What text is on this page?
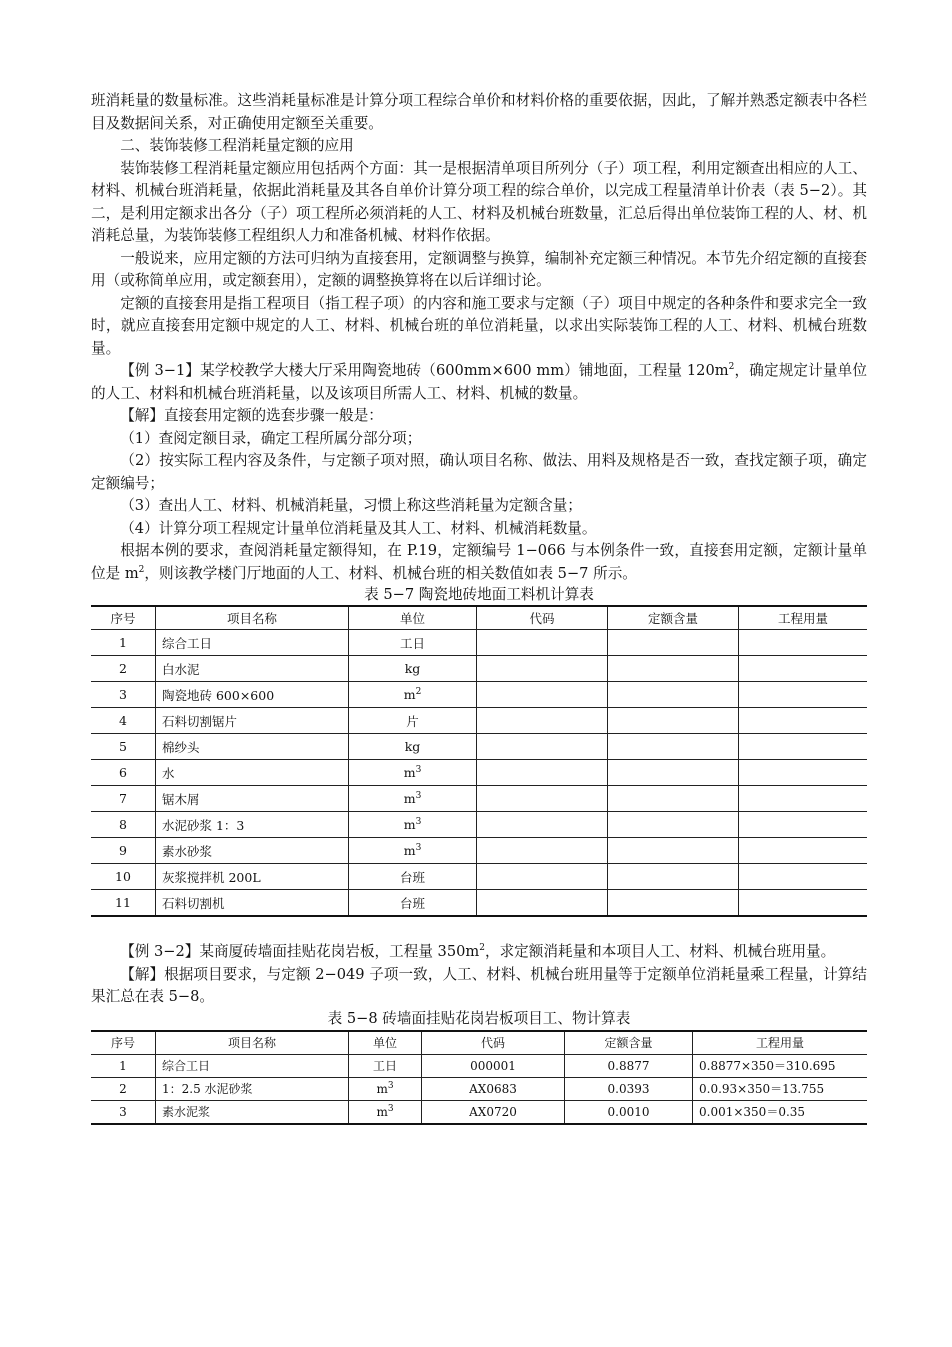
班消耗量的数量标准。这些消耗量标准是计算分项工程综合单价和材料价格的重要依据，因此，了解并熟悉定额表中各栏目及数据间关系，对正确使用定额至关重要。

二、装饰装修工程消耗量定额的应用

装饰装修工程消耗量定额应用包括两个方面：其一是根据清单项目所列分（子）项工程，利用定额查出相应的人工、材料、机械台班消耗量，依据此消耗量及其各自单价计算分项工程的综合单价，以完成工程量清单计价表（表 5−2）。其二，是利用定额求出各分（子）项工程所必须消耗的人工、材料及机械台班数量，汇总后得出单位装饰工程的人、材、机消耗总量，为装饰装修工程组织人力和准备机械、材料作依据。

一般说来，应用定额的方法可归纳为直接套用，定额调整与换算，编制补充定额三种情况。本节先介绍定额的直接套用（或称简单应用，或定额套用），定额的调整换算将在以后详细讨论。

定额的直接套用是指工程项目（指工程子项）的内容和施工要求与定额（子）项目中规定的各种条件和要求完全一致时，就应直接套用定额中规定的人工、材料、机械台班的单位消耗量，以求出实际装饰工程的人工、材料、机械台班数量。

【例 3−1】某学校教学大楼大厅采用陶瓷地砖（600mm×600 mm）铺地面，工程量 $120m^2$，确定规定计量单位的人工、材料和机械台班消耗量，以及该项目所需人工、材料、机械的数量。

【解】直接套用定额的选套步骤一般是：

（1）查阅定额目录，确定工程所属分部分项；

（2）按实际工程内容及条件，与定额子项对照，确认项目名称、做法、用料及规格是否一致，查找定额子项，确定定额编号；

（3）查出人工、材料、机械消耗量，习惯上称这些消耗量为定额含量；

（4）计算分项工程规定计量单位消耗量及其人工、材料、机械消耗数量。

根据本例的要求，查阅消耗量定额得知，在 P.19，定额编号 1−066 与本例条件一致，直接套用定额，定额计量单位是 $m^2$，则该教学楼门厅地面的人工、材料、机械台班的相关数值如表 5−7 所示。

表 5−7 陶瓷地砖地面工料机计算表

序号	项目名称	单位	代码	定额含量	工程用量
1	综合工日	工日			
2	白水泥	kg			
3	陶瓷地砖 600×600	$m^2$			
4	石料切割锯片	片			
5	棉纱头	kg			
6	水	$m^3$			
7	锯木屑	$m^3$			
8	水泥砂浆 1：3	$m^3$			
9	素水砂浆	$m^3$			
10	灰浆搅拌机 200L	台班			
11	石料切割机	台班			

【例 3−2】某商厦砖墙面挂贴花岗岩板，工程量 $350m^2$，求定额消耗量和本项目人工、材料、机械台班用量。

【解】根据项目要求，与定额 2−049 子项一致，人工、材料、机械台班用量等于定额单位消耗量乘工程量，计算结果汇总在表 5−8。

表 5−8 砖墙面挂贴花岗岩板项目工、物计算表

序号	项目名称	单位	代码	定额含量	工程用量
1	综合工日	工日	000001	0.8877	0.8877×350＝310.695
2	1：2.5 水泥砂浆	$m^3$	AX0683	0.0393	0.0.93×350＝13.755
3	素水泥浆	$m^3$	AX0720	0.0010	0.001×350＝0.35
